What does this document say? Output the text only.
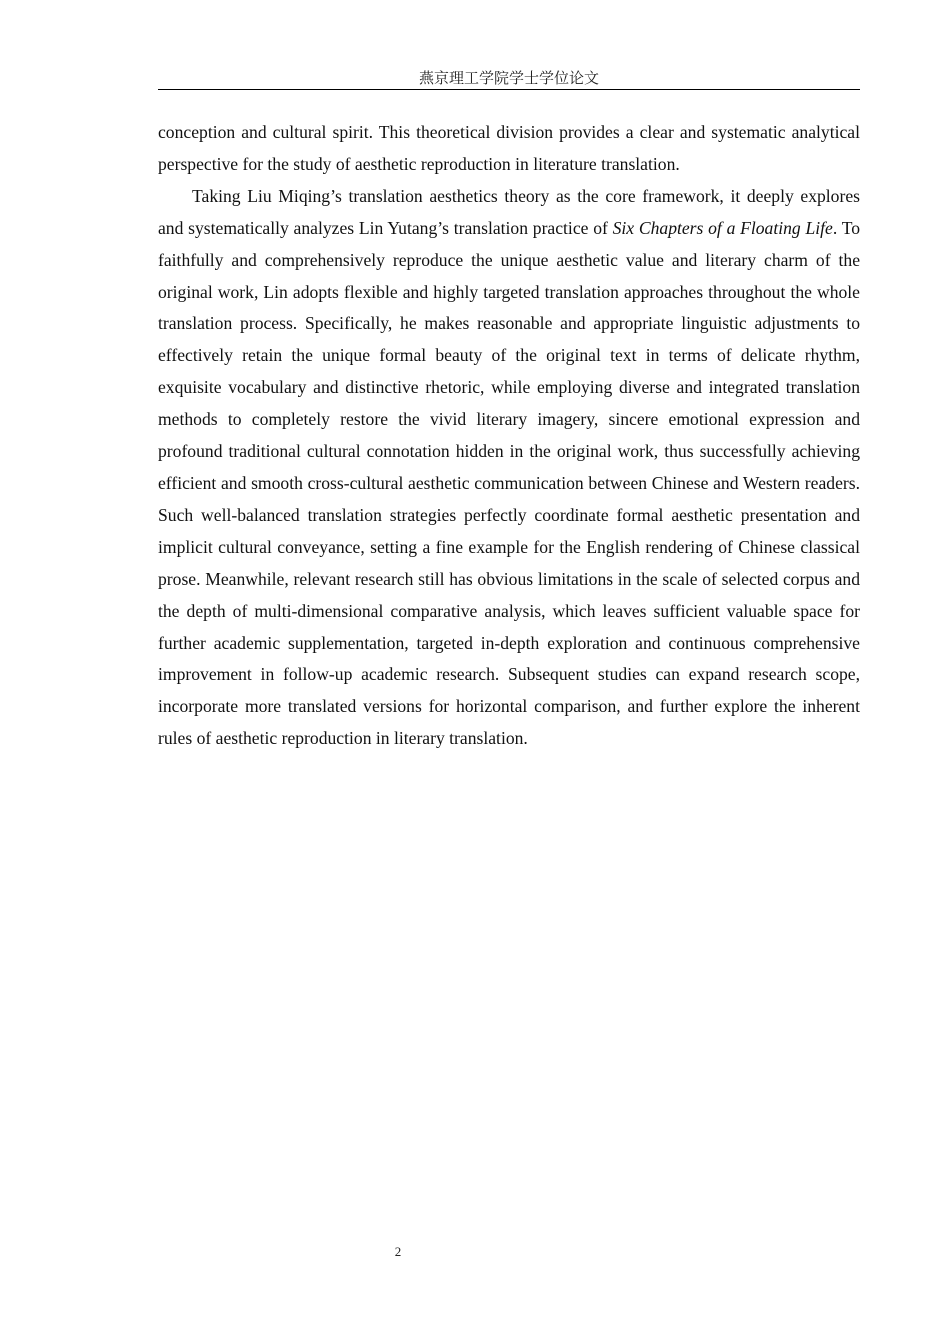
燕京理工学院学士学位论文

conception and cultural spirit. This theoretical division provides a clear and systematic analytical perspective for the study of aesthetic reproduction in literature translation.

Taking Liu Miqing’s translation aesthetics theory as the core framework, it deeply explores and systematically analyzes Lin Yutang’s translation practice of Six Chapters of a Floating Life. To faithfully and comprehensively reproduce the unique aesthetic value and literary charm of the original work, Lin adopts flexible and highly targeted translation approaches throughout the whole translation process. Specifically, he makes reasonable and appropriate linguistic adjustments to effectively retain the unique formal beauty of the original text in terms of delicate rhythm, exquisite vocabulary and distinctive rhetoric, while employing diverse and integrated translation methods to completely restore the vivid literary imagery, sincere emotional expression and profound traditional cultural connotation hidden in the original work, thus successfully achieving efficient and smooth cross-cultural aesthetic communication between Chinese and Western readers. Such well-balanced translation strategies perfectly coordinate formal aesthetic presentation and implicit cultural conveyance, setting a fine example for the English rendering of Chinese classical prose. Meanwhile, relevant research still has obvious limitations in the scale of selected corpus and the depth of multi-dimensional comparative analysis, which leaves sufficient valuable space for further academic supplementation, targeted in-depth exploration and continuous comprehensive improvement in follow-up academic research. Subsequent studies can expand research scope, incorporate more translated versions for horizontal comparison, and further explore the inherent rules of aesthetic reproduction in literary translation.

2
